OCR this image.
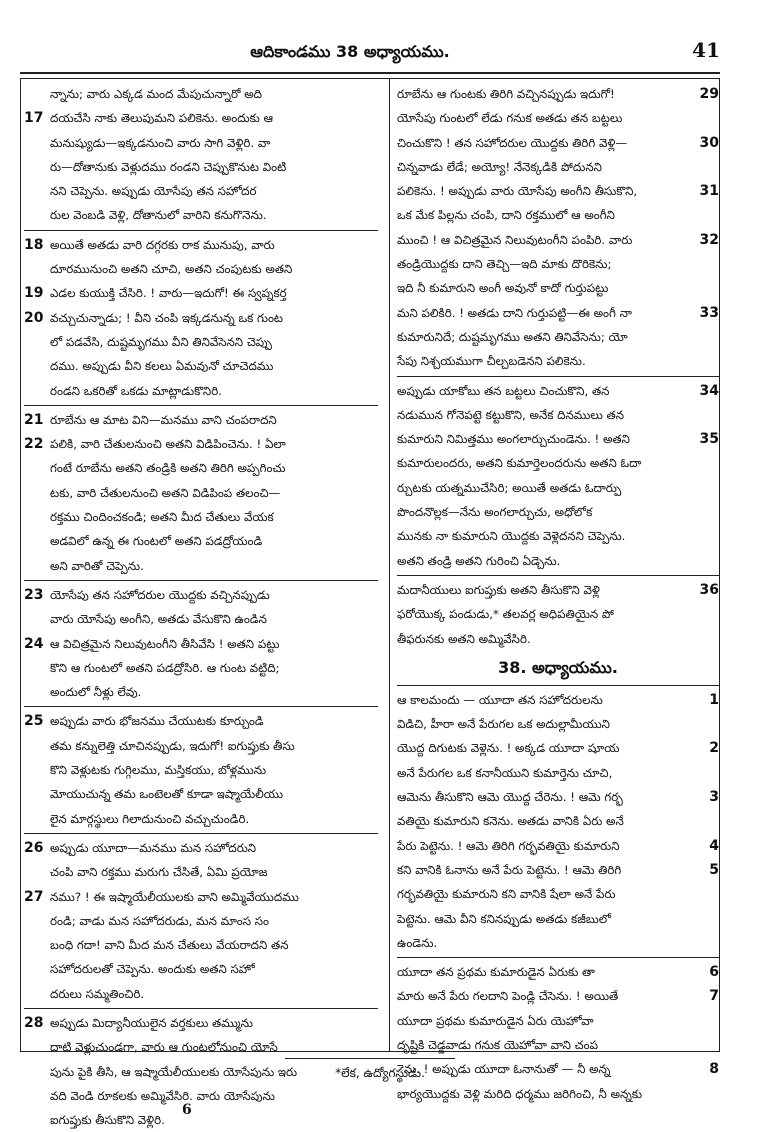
ఆదికాండము 38 అధ్యాయము.	41
న్నాను; వారు ఎక్కడ మంద మేపుచున్నారో అది
17 దయచేసి నాకు తెలుపుమని పలికెను. అందుకు ఆ
మనుష్యుడు—ఇక్కడనుంచి వారు సాగి వెళ్లిరి. వా
రు—దోతానుకు వెళ్లుదము రండని చెప్పుకొనుట వింటి
నని చెప్పెను. అప్పుడు యోసేపు తన సహోదర
రుల వెంబడి వెళ్లి, దోతానులో వారిని కనుగొనెను.
18 అయితే అతడు వారి దగ్గరకు రాక మునుపు, వారు
దూరమునుంచి అతని చూచి, అతని చంపుటకు అతని
19 ఎడల కుయుక్తి చేసిరి. ! వారు—ఇదుగో! ఈ స్వప్నకర్త
20 వచ్చుచున్నాడు; ! వీని చంపి ఇక్కడనున్న ఒక గుంట
లో పడవేసి, దుష్టమృగము వీని తినివేసెనని చెప్పు
దము. అప్పుడు వీని కలలు ఏమవునో చూచెదము
రండని ఒకరితో ఒకడు మాట్లాడుకొనిరి.
21 రూబేను ఆ మాట విని—మనము వాని చంపరాదని
22 పలికి, వారి చేతులనుంచి అతని విడిపించెను. ! ఏలా
గంటే రూబేను అతని తండ్రికి అతని తిరిగి అప్పగించు
టకు, వారి చేతులనుంచి అతని విడిపింప తలంచి—
రక్తము చిందించకండి; అతని మీద చేతులు వేయక
అడవిలో ఉన్న ఈ గుంటలో అతని పడద్రోయండి
అని వారితో చెప్పెను.
23 యోసేపు తన సహోదరుల యొద్దకు వచ్చినప్పుడు
వారు యోసేపు అంగీని, అతడు వేసుకొని ఉండిన
24 ఆ విచిత్రమైన నిలువుటంగీని తీసివేసి ! అతని పట్టు
కొని ఆ గుంటలో అతని పడద్రోసిరి. ఆ గుంట వట్టిది;
అందులో నీళ్లు లేవు.
25 అప్పుడు వారు భోజనము చేయుటకు కూర్చుండి
తమ కన్నులెత్తి చూచినప్పుడు, ఇదుగో! ఐగుప్తుకు తీసు
కొని వెళ్లుటకు గుగ్గిలము, మస్తికయు, బోళ్లమును
మోయుచున్న తమ ఒంటెలతో కూడా ఇష్మాయేలీయు
లైన మార్గస్థులు గిలాదునుంచి వచ్చుచుండిరి.
26 అప్పుడు యూదా—మనము మన సహోదరుని
చంపి వాని రక్తము మరుగు చేసితే, ఏమి ప్రయోజ
27 నము? ! ఈ ఇష్మాయేలీయులకు వాని అమ్మివేయుదము
రండి; వాడు మన సహోదరుడు, మన మాంస సం
బంధి గదా! వాని మీద మన చేతులు వేయరాదని తన
సహోదరులతో చెప్పెను. అందుకు అతని సహో
దరులు సమ్మతించిరి.
28 అప్పుడు మిద్యానీయులైన వర్తకులు తమ్మును
దాటి వెళ్లుచుండగా, వారు ఆ గుంటలోనుంచి యోసే
పును పైకి తీసి, ఆ ఇష్మాయేలీయులకు యోసేపును ఇరు
వది వెండి రూకలకు అమ్మివేసిరి. వారు యోసేపును
ఐగుప్తుకు తీసుకొని వెళ్లిరి.
29
రూబేను ఆ గుంటకు తిరిగి వచ్చినప్పుడు ఇదుగో!
యోసేపు గుంటలో లేడు గనుక అతడు తన బట్టలు
30
చించుకొని ! తన సహోదరుల యొద్దకు తిరిగి వెళ్లి—
చిన్నవాడు లేడే; అయ్యో! నేనెక్కడికి పోదునని
31
పలికెను. ! అప్పుడు వారు యోసేపు అంగీని తీసుకొని,
ఒక మేక పిల్లను చంపి, దాని రక్తములో ఆ అంగీని
32
ముంచి ! ఆ విచిత్రమైన నిలువుటంగీని పంపిరి. వారు
తండ్రియొద్దకు దాని తెచ్చి—ఇది మాకు దొరికెను;
ఇది నీ కుమారుని అంగీ అవునో కాదో గుర్తుపట్టు
33
మని పలికిరి. ! అతడు దాని గుర్తుపట్టి—ఈ అంగీ నా
కుమారునిదే; దుష్టమృగము అతని తినివేసెను; యో
సేపు నిశ్చయముగా చీల్చబడెనని పలికెను.
34
అప్పుడు యాకోబు తన బట్టలు చించుకొని, తన
నడుమున గోనెపట్టె కట్టుకొని, అనేక దినములు తన
35
కుమారుని నిమిత్తము అంగలార్చుచుండెను. ! అతని
కుమారులందరు, అతని కుమార్తెలందరును అతని ఓదా
ర్చుటకు యత్నముచేసిరి; అయితే అతడు ఓదార్పు
పొందనొల్లక—నేను అంగలార్చుచు, అధోలోక
మునకు నా కుమారుని యొద్దకు వెళ్లెదనని చెప్పెను.
అతని తండ్రి అతని గురించి ఏడ్చెను.
36
మదానీయులు ఐగుప్తుకు అతని తీసుకొని వెళ్లి
ఫరోయొక్క పండుడు,* తలవర్ల అధిపతియైన పో
తీఫరునకు అతని అమ్మివేసిరి.
38. అధ్యాయము.
1
ఆ కాలమందు — యూదా తన సహోదరులను
విడిచి, హీరా అనే పేరుగల ఒక అదుల్లామీయుని
2
యొద్ద దిగుటకు వెళ్లెను. ! అక్కడ యూదా షూయ
అనే పేరుగల ఒక కనానీయుని కుమార్తెను చూచి,
3
ఆమెను తీసుకొని ఆమె యొద్ద చేరెను. ! ఆమె గర్భ
వతియై కుమారుని కనెను. అతడు వానికి ఏరు అనే
4
పేరు పెట్టెను. ! ఆమె తిరిగి గర్భవతియై కుమారుని
5
కని వానికి ఓనాను అనే పేరు పెట్టెను. ! ఆమె తిరిగి
గర్భవతియై కుమారుని కని వానికి షేలా అనే పేరు
పెట్టెను. ఆమె వీని కనినప్పుడు అతడు కజీబులో
ఉండెను.
6
యూదా తన ప్రథమ కుమారుడైన ఏరుకు తా
7
మారు అనే పేరు గలదాని పెండ్లి చేసెను. ! అయితే
యూదా ప్రథమ కుమారుడైన ఏరు యెహోవా
దృష్టికి చెడ్డవాడు గనుక యెహోవా వాని చంప
8
ెను. ! అప్పుడు యూదా ఓనానుతో — నీ అన్న
భార్యయొద్దకు వెళ్లి మరిది ధర్మము జరిగించి, నీ అన్నకు
*లేక, ఉద్యోగస్థుడు.
6
